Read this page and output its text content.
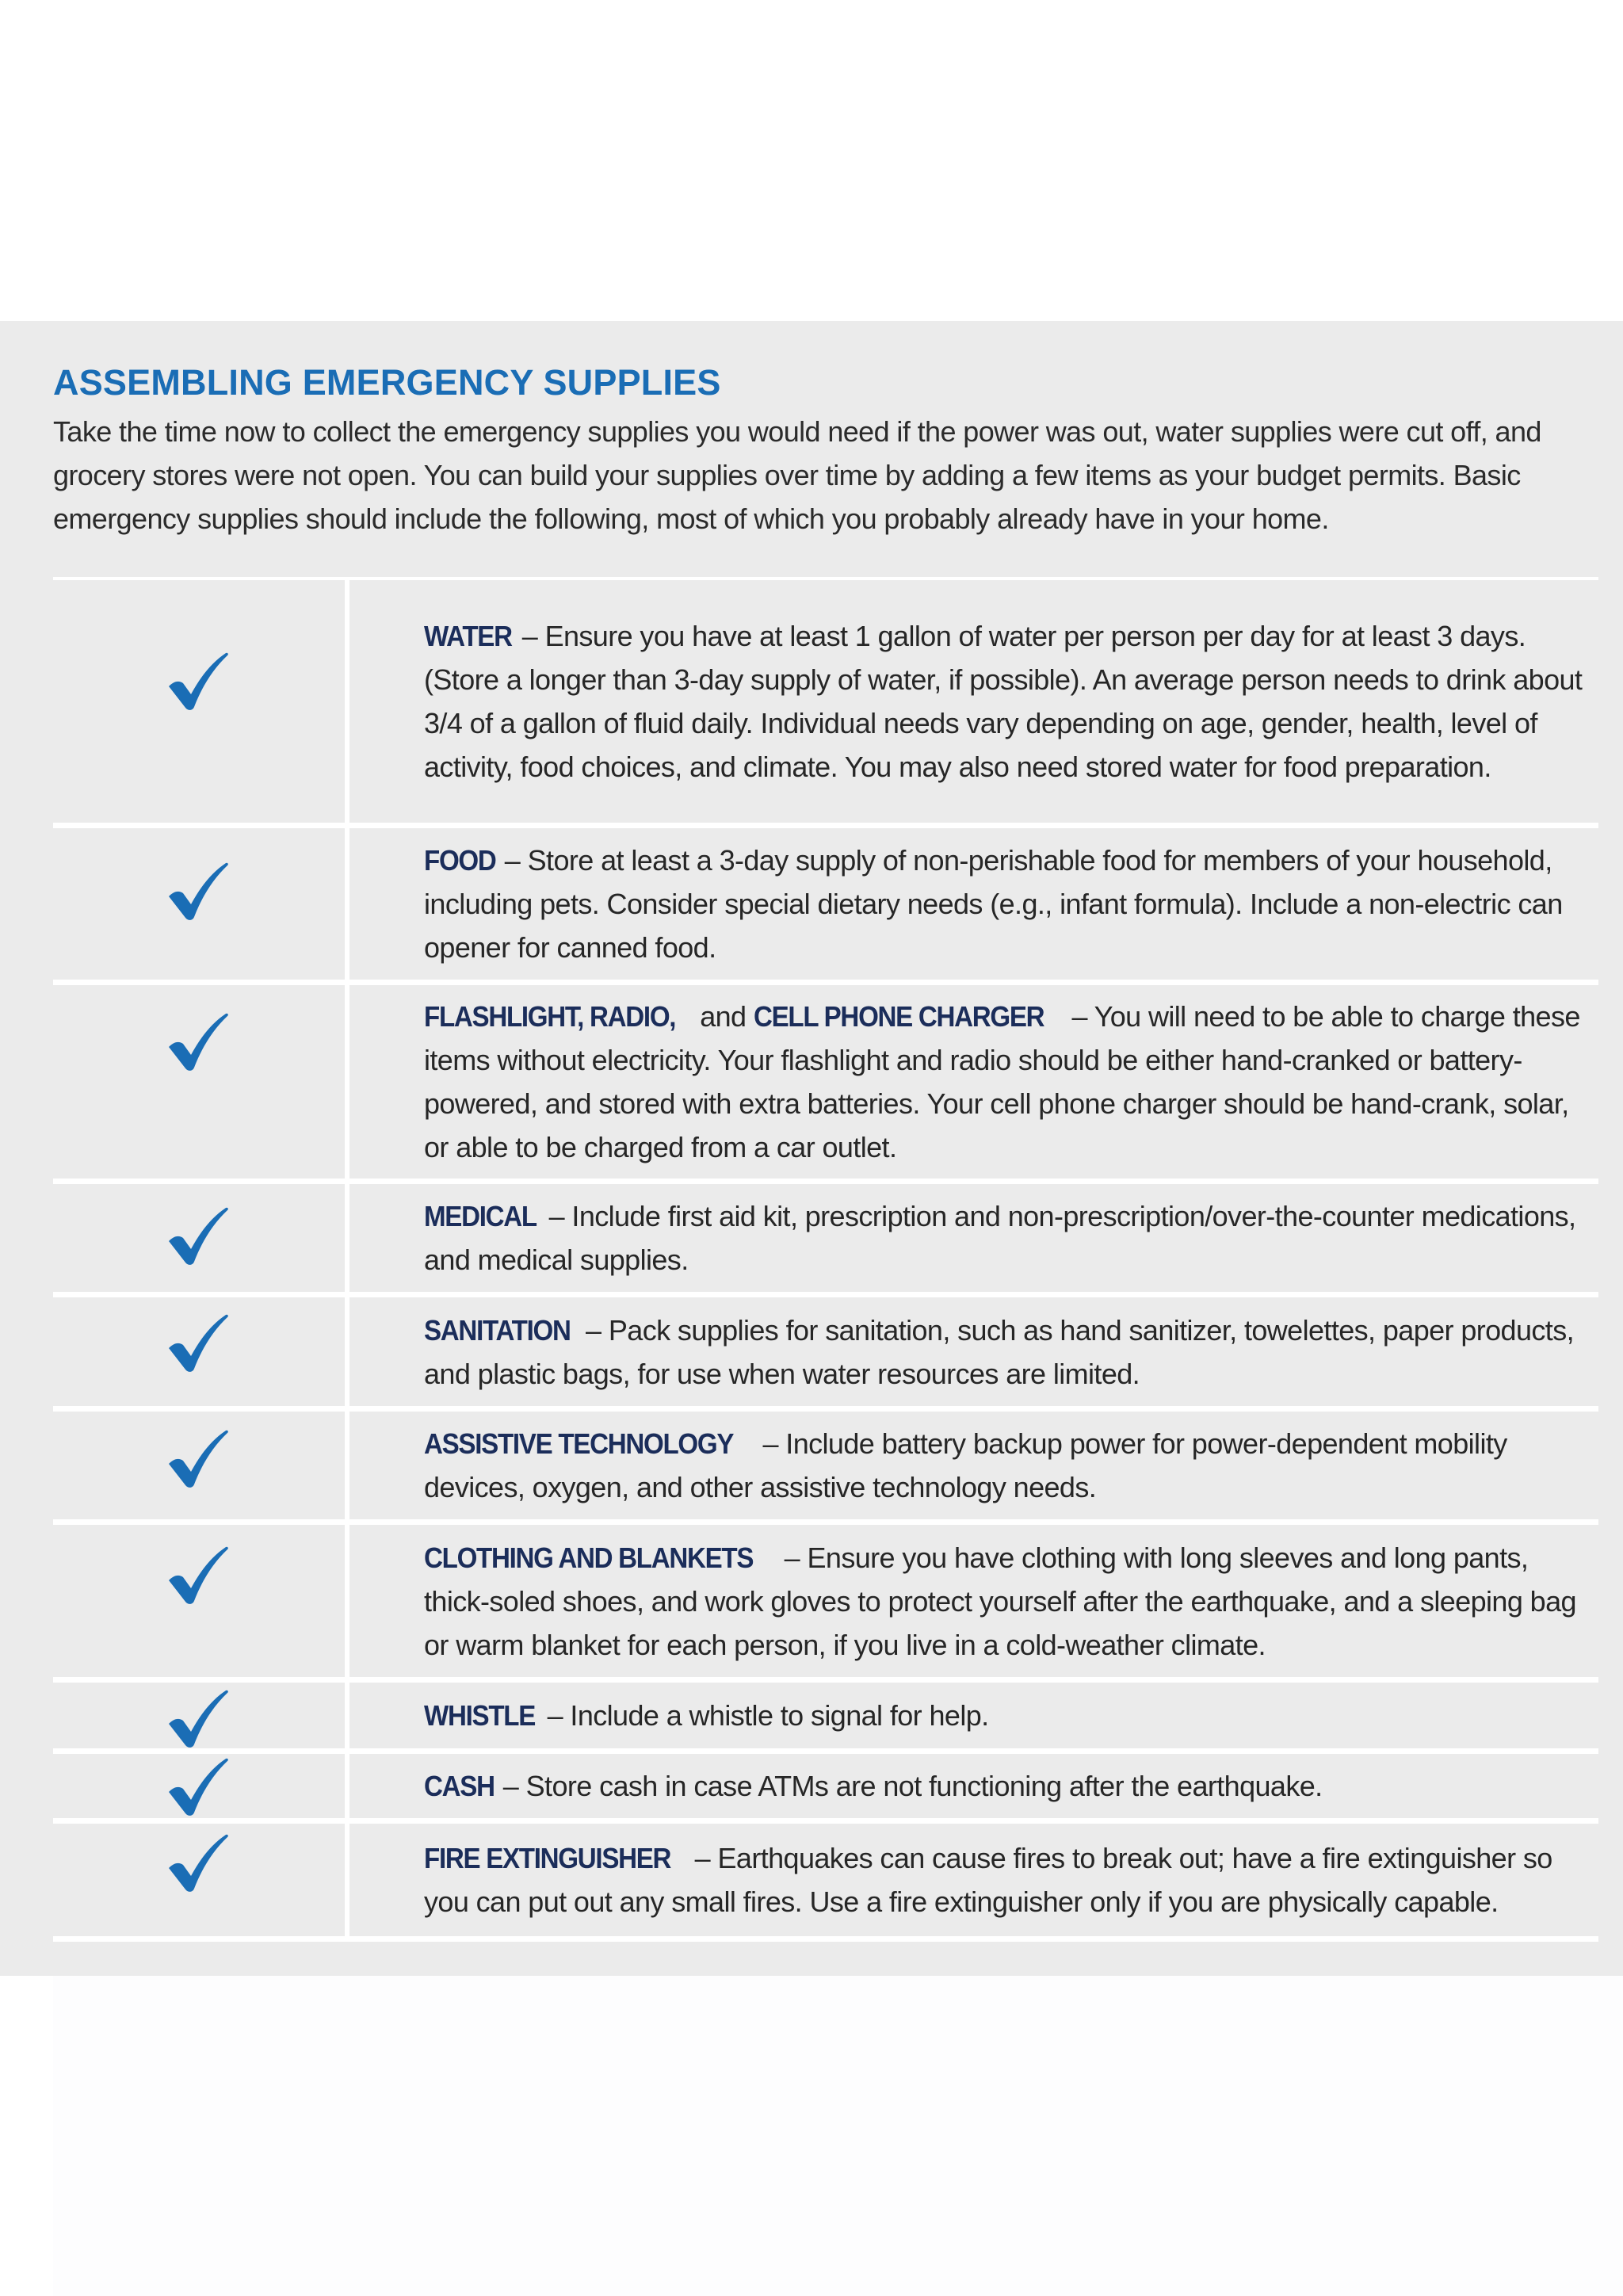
ASSEMBLING EMERGENCY SUPPLIES

Take the time now to collect the emergency supplies you would need if the power was out, water supplies were cut off, and grocery stores were not open. You can build your supplies over time by adding a few items as your budget permits. Basic emergency supplies should include the following, most of which you probably already have in your home.

WATER – Ensure you have at least 1 gallon of water per person per day for at least 3 days. (Store a longer than 3-day supply of water, if possible). An average person needs to drink about 3/4 of a gallon of fluid daily. Individual needs vary depending on age, gender, health, level of activity, food choices, and climate. You may also need stored water for food preparation.

FOOD – Store at least a 3-day supply of non-perishable food for members of your household, including pets. Consider special dietary needs (e.g., infant formula). Include a non-electric can opener for canned food.

FLASHLIGHT, RADIO, and CELL PHONE CHARGER – You will need to be able to charge these items without electricity. Your flashlight and radio should be either hand-cranked or battery-powered, and stored with extra batteries. Your cell phone charger should be hand-crank, solar, or able to be charged from a car outlet.

MEDICAL – Include first aid kit, prescription and non-prescription/over-the-counter medications, and medical supplies.

SANITATION – Pack supplies for sanitation, such as hand sanitizer, towelettes, paper products, and plastic bags, for use when water resources are limited.

ASSISTIVE TECHNOLOGY – Include battery backup power for power-dependent mobility devices, oxygen, and other assistive technology needs.

CLOTHING AND BLANKETS – Ensure you have clothing with long sleeves and long pants, thick-soled shoes, and work gloves to protect yourself after the earthquake, and a sleeping bag or warm blanket for each person, if you live in a cold-weather climate.

WHISTLE – Include a whistle to signal for help.

CASH – Store cash in case ATMs are not functioning after the earthquake.

FIRE EXTINGUISHER – Earthquakes can cause fires to break out; have a fire extinguisher so you can put out any small fires. Use a fire extinguisher only if you are physically capable.
